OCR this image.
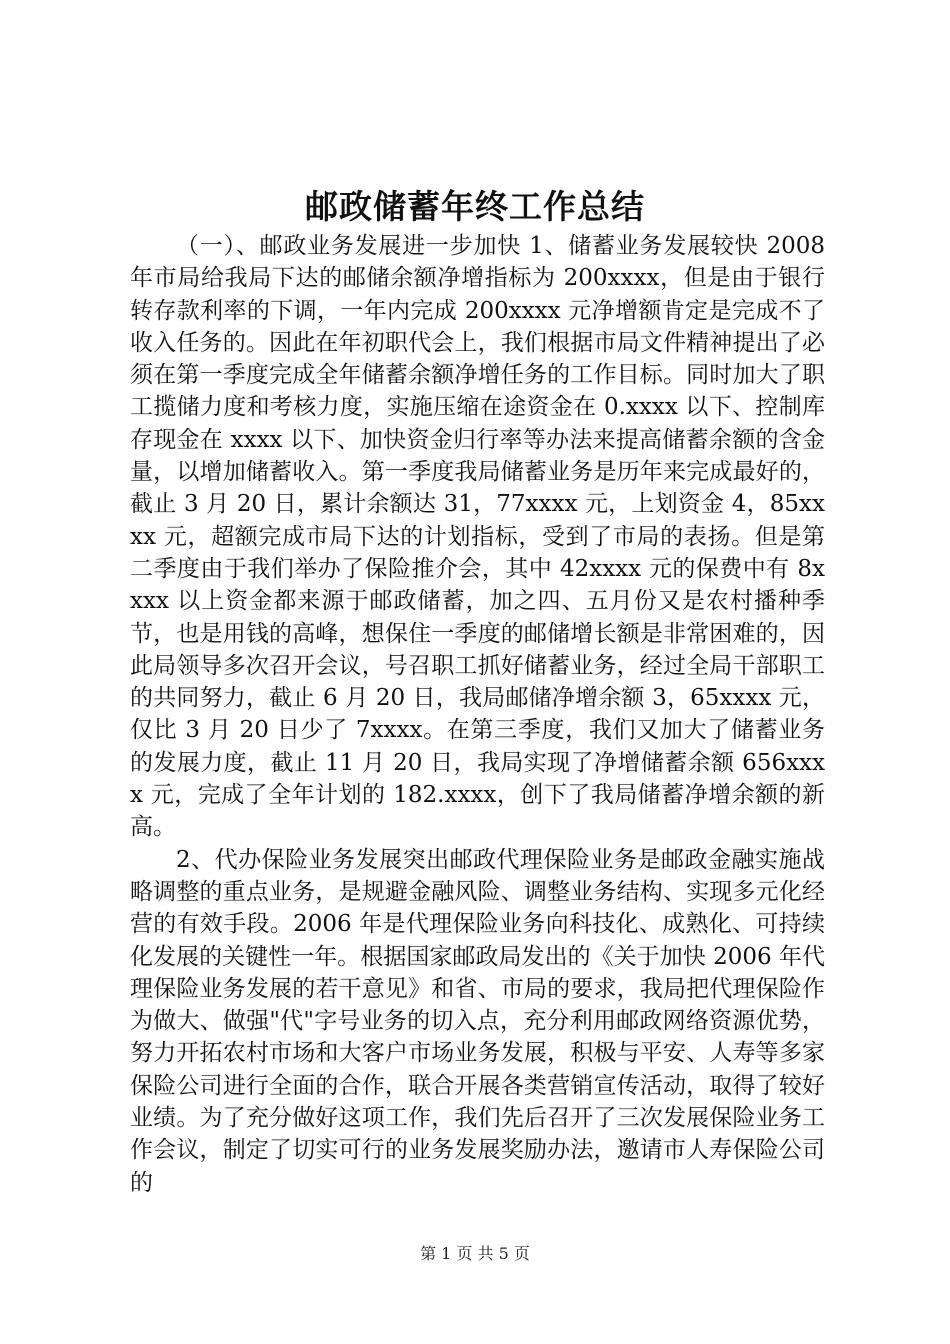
邮政储蓄年终工作总结

（一）、邮政业务发展进一步加快 1、储蓄业务发展较快 2008 年市局给我局下达的邮储余额净增指标为 200xxxx，但是由于银行转存款利率的下调，一年内完成 200xxxx 元净增额肯定是完成不了收入任务的。因此在年初职代会上，我们根据市局文件精神提出了必须在第一季度完成全年储蓄余额净增任务的工作目标。同时加大了职工揽储力度和考核力度，实施压缩在途资金在 0.xxxx 以下、控制库存现金在 xxxx 以下、加快资金归行率等办法来提高储蓄余额的含金量，以增加储蓄收入。第一季度我局储蓄业务是历年来完成最好的，截止 3 月 20 日，累计余额达 31，77xxxx 元，上划资金 4，85xxxx 元，超额完成市局下达的计划指标，受到了市局的表扬。但是第二季度由于我们举办了保险推介会，其中 42xxxx 元的保费中有 8xxxx 以上资金都来源于邮政储蓄，加之四、五月份又是农村播种季节，也是用钱的高峰，想保住一季度的邮储增长额是非常困难的，因此局领导多次召开会议，号召职工抓好储蓄业务，经过全局干部职工的共同努力，截止 6 月 20 日，我局邮储净增余额 3，65xxxx 元，仅比 3 月 20 日少了 7xxxx。在第三季度，我们又加大了储蓄业务的发展力度，截止 11 月 20 日，我局实现了净增储蓄余额 656xxxx 元，完成了全年计划的 182.xxxx，创下了我局储蓄净增余额的新高。

2、代办保险业务发展突出邮政代理保险业务是邮政金融实施战略调整的重点业务，是规避金融风险、调整业务结构、实现多元化经营的有效手段。2006 年是代理保险业务向科技化、成熟化、可持续化发展的关键性一年。根据国家邮政局发出的《关于加快 2006 年代理保险业务发展的若干意见》和省、市局的要求，我局把代理保险作为做大、做强"代"字号业务的切入点，充分利用邮政网络资源优势，努力开拓农村市场和大客户市场业务发展，积极与平安、人寿等多家保险公司进行全面的合作，联合开展各类营销宣传活动，取得了较好业绩。为了充分做好这项工作，我们先后召开了三次发展保险业务工作会议，制定了切实可行的业务发展奖励办法，邀请市人寿保险公司的

第 1 页 共 5 页
